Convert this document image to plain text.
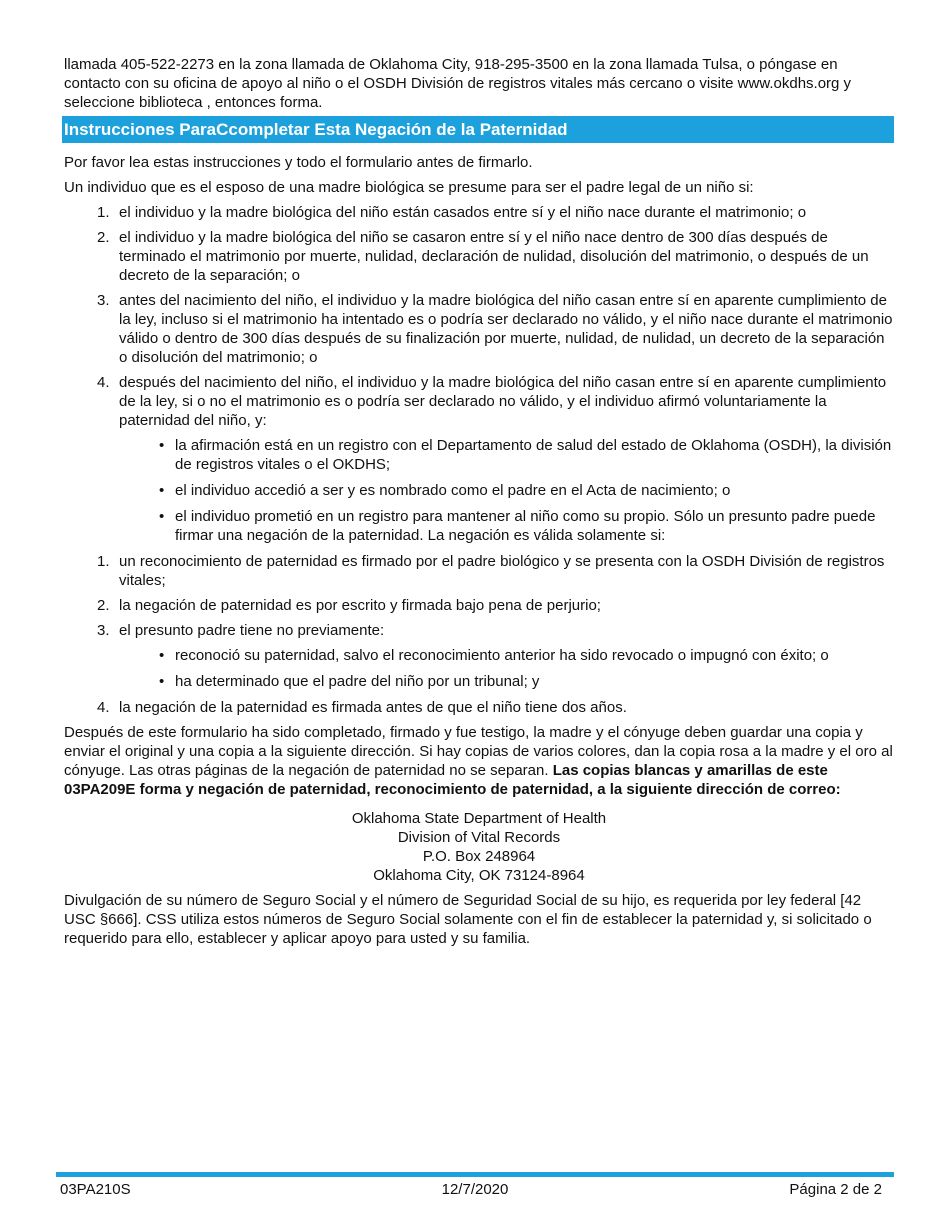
llamada 405-522-2273 en la zona llamada de Oklahoma City, 918-295-3500 en la zona llamada Tulsa, o póngase en contacto con su oficina de apoyo al niño o el OSDH División de registros vitales más cercano o visite www.okdhs.org y seleccione biblioteca , entonces forma.

Instrucciones ParaCcompletar Esta Negación de la Paternidad

Por favor lea estas instrucciones y todo el formulario antes de firmarlo.

Un individuo que es el esposo de una madre biológica se presume para ser el padre legal de un niño si:

1. el individuo y la madre biológica del niño están casados entre sí y el niño nace durante el matrimonio; o
2. el individuo y la madre biológica del niño se casaron entre sí y el niño nace dentro de 300 días después de terminado el matrimonio por muerte, nulidad, declaración de nulidad, disolución del matrimonio, o después de un decreto de la separación; o
3. antes del nacimiento del niño, el individuo y la madre biológica del niño casan entre sí en aparente cumplimiento de la ley, incluso si el matrimonio ha intentado es o podría ser declarado no válido, y el niño nace durante el matrimonio válido o dentro de 300 días después de su finalización por muerte, nulidad, de nulidad, un decreto de la separación o disolución del matrimonio; o
4. después del nacimiento del niño, el individuo y la madre biológica del niño casan entre sí en aparente cumplimiento de la ley, si o no el matrimonio es o podría ser declarado no válido, y el individuo afirmó voluntariamente la paternidad del niño, y:
• la afirmación está en un registro con el Departamento de salud del estado de Oklahoma (OSDH), la división de registros vitales o el OKDHS;
• el individuo accedió a ser y es nombrado como el padre en el Acta de nacimiento; o
• el individuo prometió en un registro para mantener al niño como su propio. Sólo un presunto padre puede firmar una negación de la paternidad. La negación es válida solamente si:
1. un reconocimiento de paternidad es firmado por el padre biológico y se presenta con la OSDH División de registros vitales;
2. la negación de paternidad es por escrito y firmada bajo pena de perjurio;
3. el presunto padre tiene no previamente:
• reconoció su paternidad, salvo el reconocimiento anterior ha sido revocado o impugnó con éxito; o
• ha determinado que el padre del niño por un tribunal; y
4. la negación de la paternidad es firmada antes de que el niño tiene dos años.

Después de este formulario ha sido completado, firmado y fue testigo, la madre y el cónyuge deben guardar una copia y enviar el original y una copia a la siguiente dirección. Si hay copias de varios colores, dan la copia rosa a la madre y el oro al cónyuge. Las otras páginas de la negación de paternidad no se separan. Las copias blancas y amarillas de este 03PA209E forma y negación de paternidad, reconocimiento de paternidad, a la siguiente dirección de correo:

Oklahoma State Department of Health
Division of Vital Records
P.O. Box 248964
Oklahoma City, OK 73124-8964

Divulgación de su número de Seguro Social y el número de Seguridad Social de su hijo, es requerida por ley federal [42 USC §666]. CSS utiliza estos números de Seguro Social solamente con el fin de establecer la paternidad y, si solicitado o requerido para ello, establecer y aplicar apoyo para usted y su familia.

03PA210S	12/7/2020	Página 2 de 2
